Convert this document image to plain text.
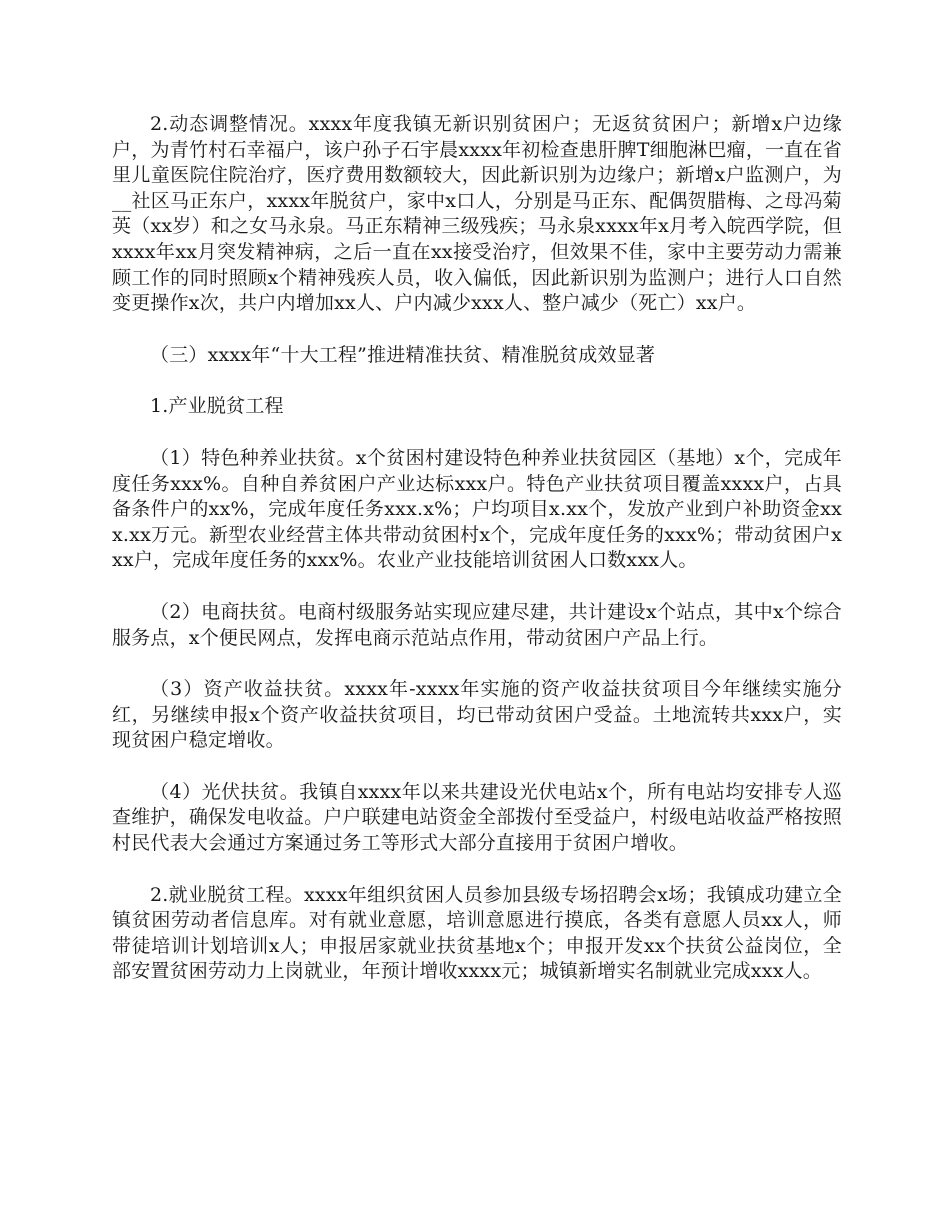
2.动态调整情况。xxxx年度我镇无新识别贫困户；无返贫贫困户；新增x户边缘户，为青竹村石幸福户，该户孙子石宇晨xxxx年初检查患肝脾T细胞淋巴瘤，一直在省里儿童医院住院治疗，医疗费用数额较大，因此新识别为边缘户；新增x户监测户，为__社区马正东户，xxxx年脱贫户，家中x口人，分别是马正东、配偶贺腊梅、之母冯菊英（xx岁）和之女马永泉。马正东精神三级残疾；马永泉xxxx年x月考入皖西学院，但xxxx年xx月突发精神病，之后一直在xx接受治疗，但效果不佳，家中主要劳动力需兼顾工作的同时照顾x个精神残疾人员，收入偏低，因此新识别为监测户；进行人口自然变更操作x次，共户内增加xx人、户内减少xxx人、整户减少（死亡）xx户。

（三）xxxx年“十大工程”推进精准扶贫、精准脱贫成效显著

1.产业脱贫工程

（1）特色种养业扶贫。x个贫困村建设特色种养业扶贫园区（基地）x个，完成年度任务xxx%。自种自养贫困户产业达标xxx户。特色产业扶贫项目覆盖xxxx户，占具备条件户的xx%，完成年度任务xxx.x%；户均项目x.xx个，发放产业到户补助资金xxx.xx万元。新型农业经营主体共带动贫困村x个，完成年度任务的xxx%；带动贫困户xxx户，完成年度任务的xxx%。农业产业技能培训贫困人口数xxx人。

（2）电商扶贫。电商村级服务站实现应建尽建，共计建设x个站点，其中x个综合服务点，x个便民网点，发挥电商示范站点作用，带动贫困户产品上行。

（3）资产收益扶贫。xxxx年-xxxx年实施的资产收益扶贫项目今年继续实施分红，另继续申报x个资产收益扶贫项目，均已带动贫困户受益。土地流转共xxx户，实现贫困户稳定增收。

（4）光伏扶贫。我镇自xxxx年以来共建设光伏电站x个，所有电站均安排专人巡查维护，确保发电收益。户户联建电站资金全部拨付至受益户，村级电站收益严格按照村民代表大会通过方案通过务工等形式大部分直接用于贫困户增收。

2.就业脱贫工程。xxxx年组织贫困人员参加县级专场招聘会x场；我镇成功建立全镇贫困劳动者信息库。对有就业意愿，培训意愿进行摸底，各类有意愿人员xx人，师带徒培训计划培训x人；申报居家就业扶贫基地x个；申报开发xx个扶贫公益岗位，全部安置贫困劳动力上岗就业，年预计增收xxxx元；城镇新增实名制就业完成xxx人。
